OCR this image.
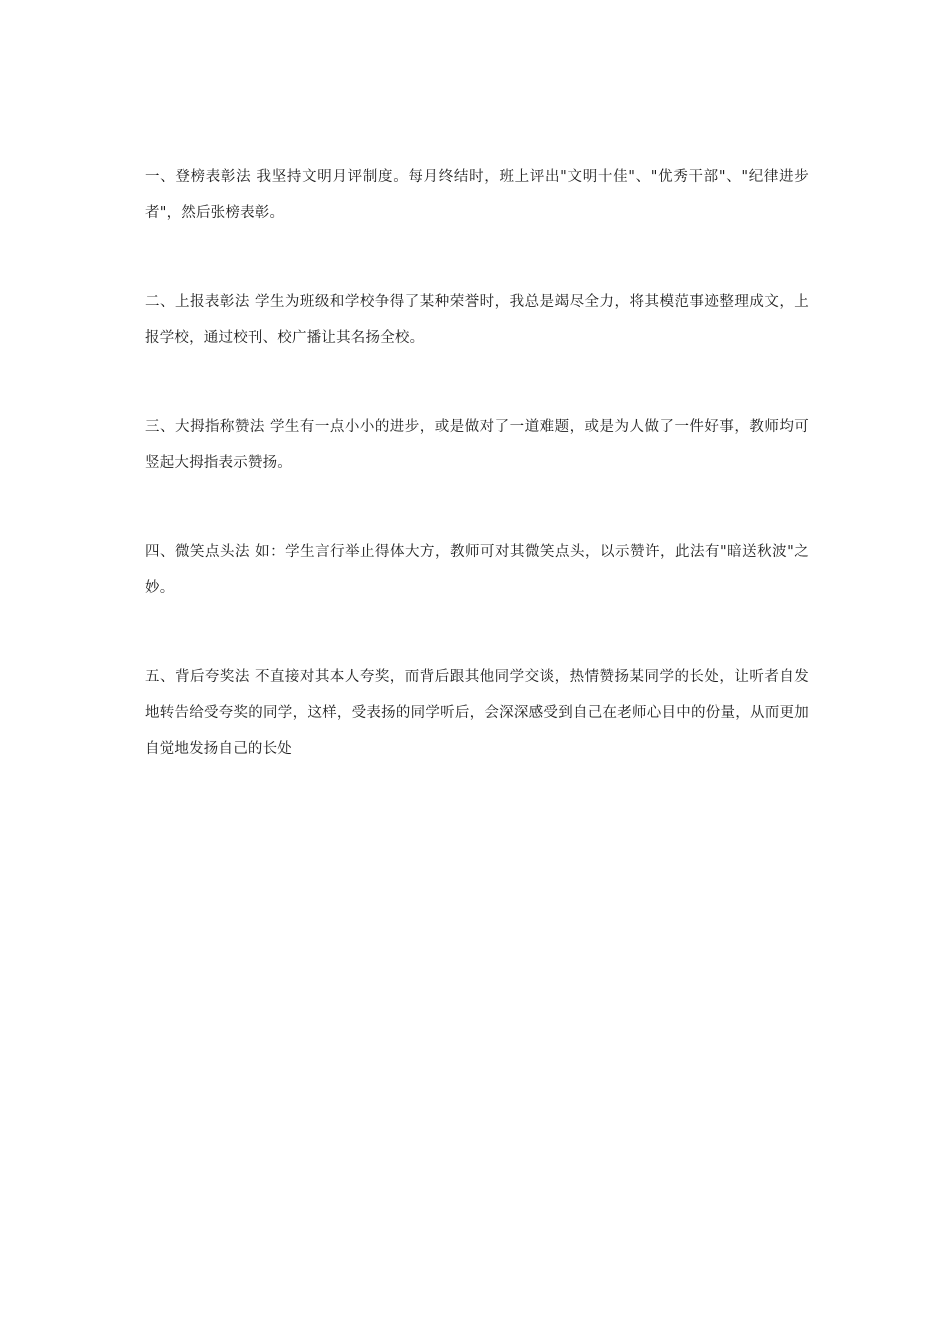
一、登榜表彰法 我坚持文明月评制度。每月终结时，班上评出"文明十佳"、"优秀干部"、"纪律进步者"，然后张榜表彰。

二、上报表彰法 学生为班级和学校争得了某种荣誉时，我总是竭尽全力，将其模范事迹整理成文，上报学校，通过校刊、校广播让其名扬全校。

三、大拇指称赞法 学生有一点小小的进步，或是做对了一道难题，或是为人做了一件好事，教师均可竖起大拇指表示赞扬。

四、微笑点头法 如：学生言行举止得体大方，教师可对其微笑点头，以示赞许，此法有"暗送秋波"之妙。

五、背后夸奖法 不直接对其本人夸奖，而背后跟其他同学交谈，热情赞扬某同学的长处，让听者自发地转告给受夸奖的同学，这样，受表扬的同学听后，会深深感受到自己在老师心目中的份量，从而更加自觉地发扬自己的长处
